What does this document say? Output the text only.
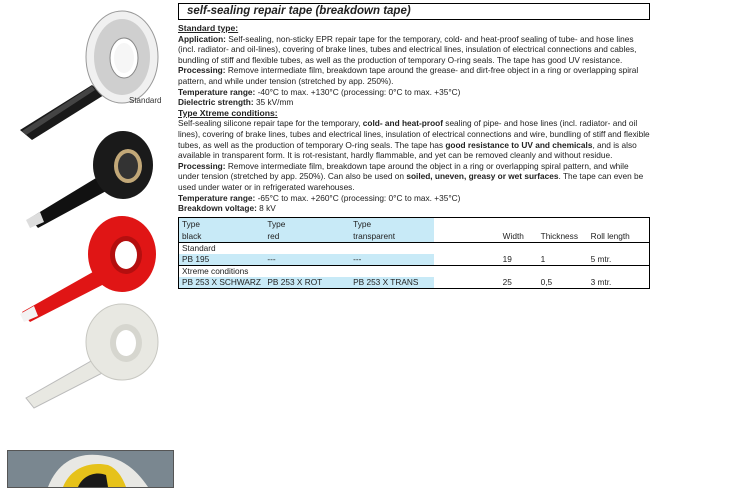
Standard
self-sealing repair tape (breakdown tape)
Standard type:

Application: Self-sealing, non-sticky EPR repair tape for the temporary, cold- and heat-proof sealing of tube- and hose lines (incl. radiator- and oil-lines), covering of brake lines, tubes and electrical lines, insulation of electrical connections and cables, bundling of stiff and flexible tubes, as well as the production of temporary O-ring seals. The tape has good UV resistance.

Processing: Remove intermediate film, breakdown tape around the grease- and dirt-free object in a ring or overlapping spiral pattern, and while under tension (stretched by app. 250%).

Temperature range: -40°C to max. +130°C (processing: 0°C to max. +35°C)

Dielectric strength: 35 kV/mm

Type Xtreme conditions:

Self-sealing silicone repair tape for the temporary, cold- and heat-proof sealing of pipe- and hose lines (incl. radiator- and oil lines), covering of brake lines, tubes and electrical lines, insulation of electrical connections and wire, bundling of stiff and flexible tubes, as well as the production of temporary O-ring seals. The tape has good resistance to UV and chemicals, and is also available in transparent form. It is rot-resistant, hardly flammable, and yet can be removed cleanly and without residue.

Processing: Remove intermediate film, breakdown tape around the object in a ring or overlapping spiral pattern, and while under tension (stretched by app. 250%). Can also be used on soiled, uneven, greasy or wet surfaces. The tape can even be used under water or in refrigerated warehouses.

Temperature range: -65°C to max. +260°C (processing: 0°C to max. +35°C)

Breakdown voltage: 8 kV

Type	Type	Type				
black	red	transparent		Width	Thickness	Roll length
Standard						
PB 195	---	---		19	1	5 mtr.
Xtreme conditions						
PB 253 X SCHWARZ	PB 253 X ROT	PB 253 X TRANS		25	0,5	3 mtr.
